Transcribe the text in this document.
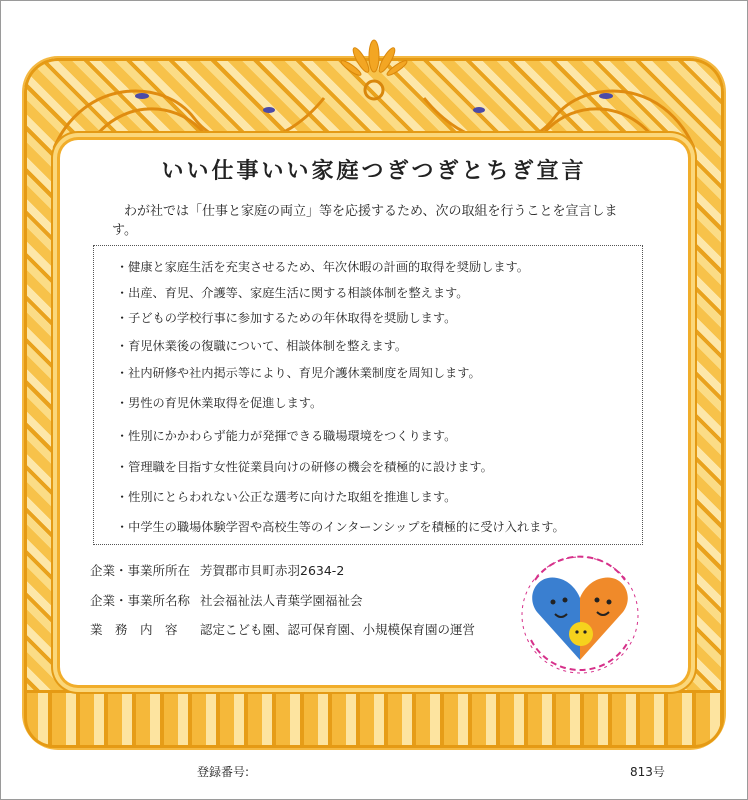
いい仕事いい家庭つぎつぎとちぎ宣言
わが社では「仕事と家庭の両立」等を応援するため、次の取組を行うことを宣言します。
・健康と家庭生活を充実させるため、年次休暇の計画的取得を奨励します。
・出産、育児、介護等、家庭生活に関する相談体制を整えます。
・子どもの学校行事に参加するための年休取得を奨励します。
・育児休業後の復職について、相談体制を整えます。
・社内研修や社内掲示等により、育児介護休業制度を周知します。
・男性の育児休業取得を促進します。
・性別にかかわらず能力が発揮できる職場環境をつくります。
・管理職を目指す女性従業員向けの研修の機会を積極的に設けます。
・性別にとらわれない公正な選考に向けた取組を推進します。
・中学生の職場体験学習や高校生等のインターンシップを積極的に受け入れます。
企業・事業所所在 芳賀郡市貝町赤羽2634-2
企業・事業所名称 社会福祉法人青葉学園福祉会
業　務　内　容 認定こども園、認可保育園、小規模保育園の運営
登録番号:	813号
